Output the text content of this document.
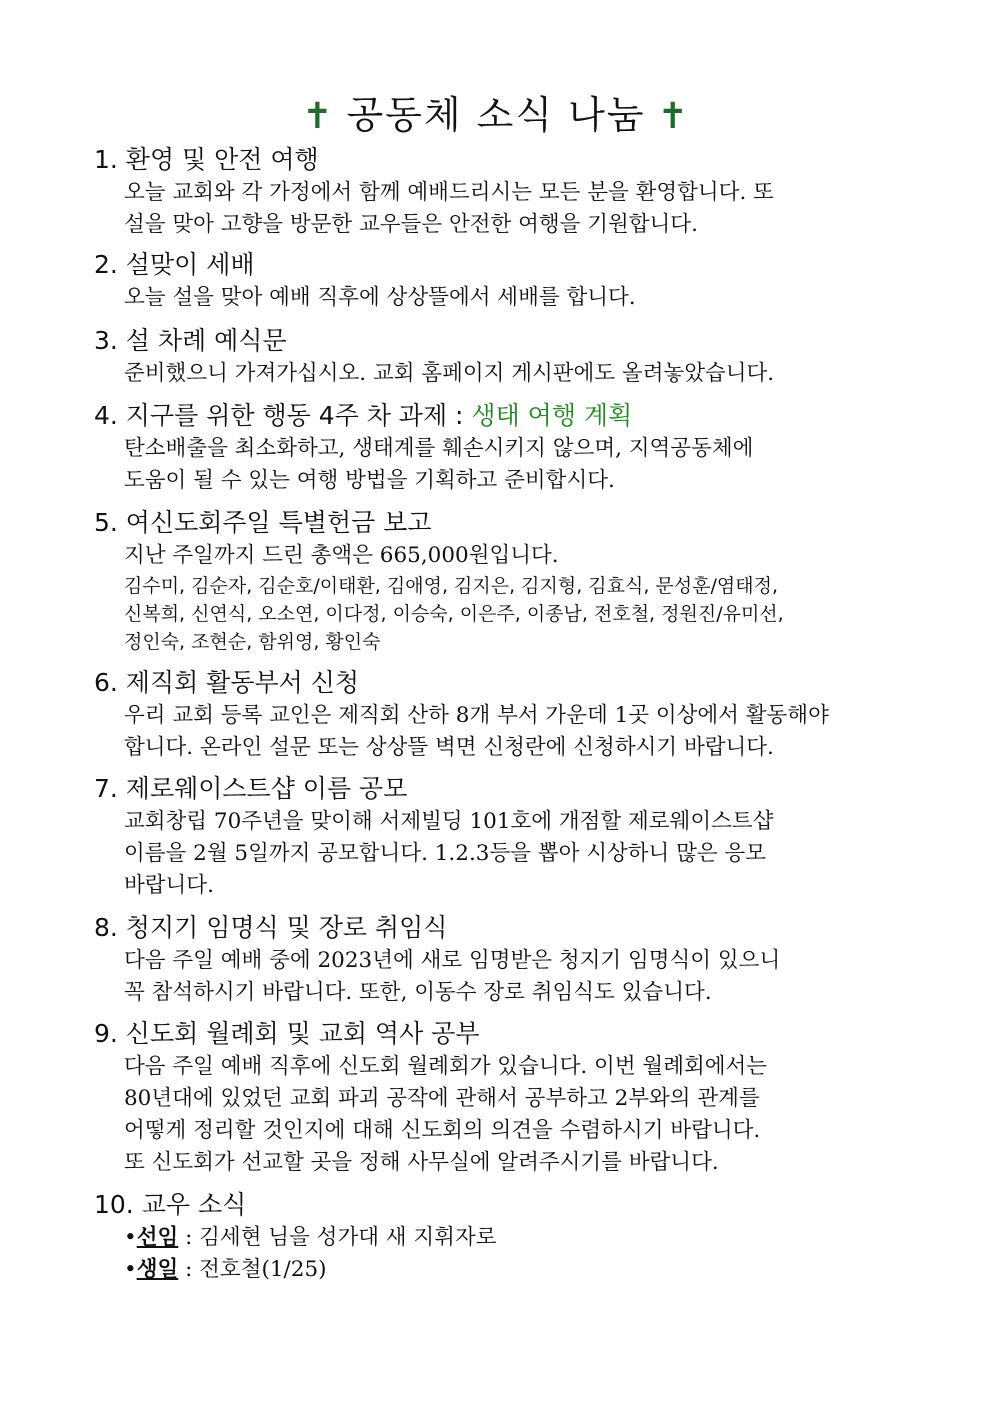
✝ 공동체 소식 나눔 ✝
1. 환영 및 안전 여행
오늘 교회와 각 가정에서 함께 예배드리시는 모든 분을 환영합니다. 또
설을 맞아 고향을 방문한 교우들은 안전한 여행을 기원합니다.
2. 설맞이 세배
오늘 설을 맞아 예배 직후에 상상뜰에서 세배를 합니다.
3. 설 차례 예식문
준비했으니 가져가십시오. 교회 홈페이지 게시판에도 올려놓았습니다.
4. 지구를 위한 행동 4주 차 과제 : 생태 여행 계획
탄소배출을 최소화하고, 생태계를 훼손시키지 않으며, 지역공동체에
도움이 될 수 있는 여행 방법을 기획하고 준비합시다.
5. 여신도회주일 특별헌금 보고
지난 주일까지 드린 총액은 665,000원입니다.
김수미, 김순자, 김순호/이태환, 김애영, 김지은, 김지형, 김효식, 문성훈/염태정,
신복희, 신연식, 오소연, 이다정, 이승숙, 이은주, 이종남, 전호철, 정원진/유미선,
정인숙, 조현순, 함위영, 황인숙
6. 제직회 활동부서 신청
우리 교회 등록 교인은 제직회 산하 8개 부서 가운데 1곳 이상에서 활동해야
합니다. 온라인 설문 또는 상상뜰 벽면 신청란에 신청하시기 바랍니다.
7. 제로웨이스트샵 이름 공모
교회창립 70주년을 맞이해 서제빌딩 101호에 개점할 제로웨이스트샵
이름을 2월 5일까지 공모합니다. 1.2.3등을 뽑아 시상하니 많은 응모
바랍니다.
8. 청지기 임명식 및 장로 취임식
다음 주일 예배 중에 2023년에 새로 임명받은 청지기 임명식이 있으니
꼭 참석하시기 바랍니다. 또한, 이동수 장로 취임식도 있습니다.
9. 신도회 월례회 및 교회 역사 공부
다음 주일 예배 직후에 신도회 월례회가 있습니다. 이번 월례회에서는
80년대에 있었던 교회 파괴 공작에 관해서 공부하고 2부와의 관계를
어떻게 정리할 것인지에 대해 신도회의 의견을 수렴하시기 바랍니다.
또 신도회가 선교할 곳을 정해 사무실에 알려주시기를 바랍니다.
10. 교우 소식
•선임 : 김세현 님을 성가대 새 지휘자로
•생일 : 전호철(1/25)
